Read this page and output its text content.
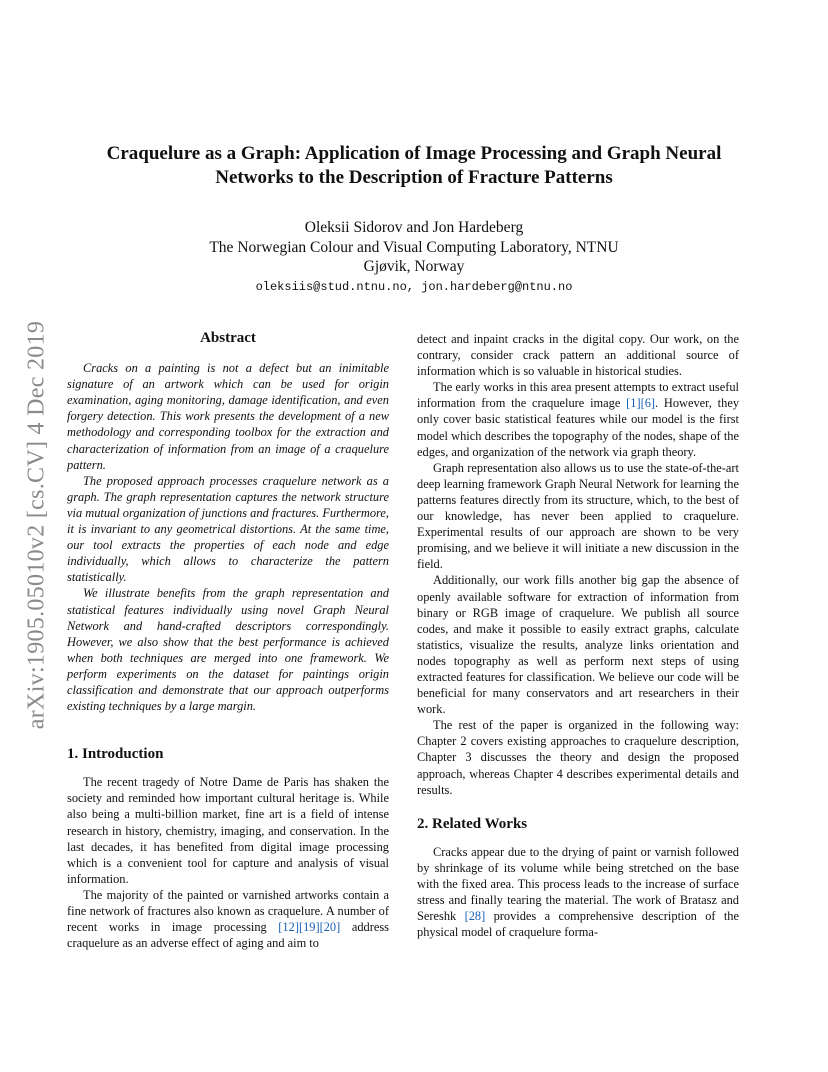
arXiv:1905.05010v2 [cs.CV] 4 Dec 2019
Craquelure as a Graph: Application of Image Processing and Graph Neural Networks to the Description of Fracture Patterns
Oleksii Sidorov and Jon Hardeberg
The Norwegian Colour and Visual Computing Laboratory, NTNU
Gjøvik, Norway
oleksiis@stud.ntnu.no, jon.hardeberg@ntnu.no
Abstract

Cracks on a painting is not a defect but an inimitable signature of an artwork which can be used for origin examination, aging monitoring, damage identification, and even forgery detection. This work presents the development of a new methodology and corresponding toolbox for the extraction and characterization of information from an image of a craquelure pattern.

The proposed approach processes craquelure network as a graph. The graph representation captures the network structure via mutual organization of junctions and fractures. Furthermore, it is invariant to any geometrical distortions. At the same time, our tool extracts the properties of each node and edge individually, which allows to characterize the pattern statistically.

We illustrate benefits from the graph representation and statistical features individually using novel Graph Neural Network and hand-crafted descriptors correspondingly. However, we also show that the best performance is achieved when both techniques are merged into one framework. We perform experiments on the dataset for paintings origin classification and demonstrate that our approach outperforms existing techniques by a large margin.

1. Introduction

The recent tragedy of Notre Dame de Paris has shaken the society and reminded how important cultural heritage is. While also being a multi-billion market, fine art is a field of intense research in history, chemistry, imaging, and conservation. In the last decades, it has benefited from digital image processing which is a convenient tool for capture and analysis of visual information.

The majority of the painted or varnished artworks contain a fine network of fractures also known as craquelure. A number of recent works in image processing [12][19][20] address craquelure as an adverse effect of aging and aim to

detect and inpaint cracks in the digital copy. Our work, on the contrary, consider crack pattern an additional source of information which is so valuable in historical studies.

The early works in this area present attempts to extract useful information from the craquelure image [1][6]. However, they only cover basic statistical features while our model is the first model which describes the topography of the nodes, shape of the edges, and organization of the network via graph theory.

Graph representation also allows us to use the state-of-the-art deep learning framework Graph Neural Network for learning the patterns features directly from its structure, which, to the best of our knowledge, has never been applied to craquelure. Experimental results of our approach are shown to be very promising, and we believe it will initiate a new discussion in the field.

Additionally, our work fills another big gap the absence of openly available software for extraction of information from binary or RGB image of craquelure. We publish all source codes, and make it possible to easily extract graphs, calculate statistics, visualize the results, analyze links orientation and nodes topography as well as perform next steps of using extracted features for classification. We believe our code will be beneficial for many conservators and art researchers in their work.

The rest of the paper is organized in the following way: Chapter 2 covers existing approaches to craquelure description, Chapter 3 discusses the theory and design the proposed approach, whereas Chapter 4 describes experimental details and results.

2. Related Works

Cracks appear due to the drying of paint or varnish followed by shrinkage of its volume while being stretched on the base with the fixed area. This process leads to the increase of surface stress and finally tearing the material. The work of Bratasz and Sereshk [28] provides a comprehensive description of the physical model of craquelure forma-
